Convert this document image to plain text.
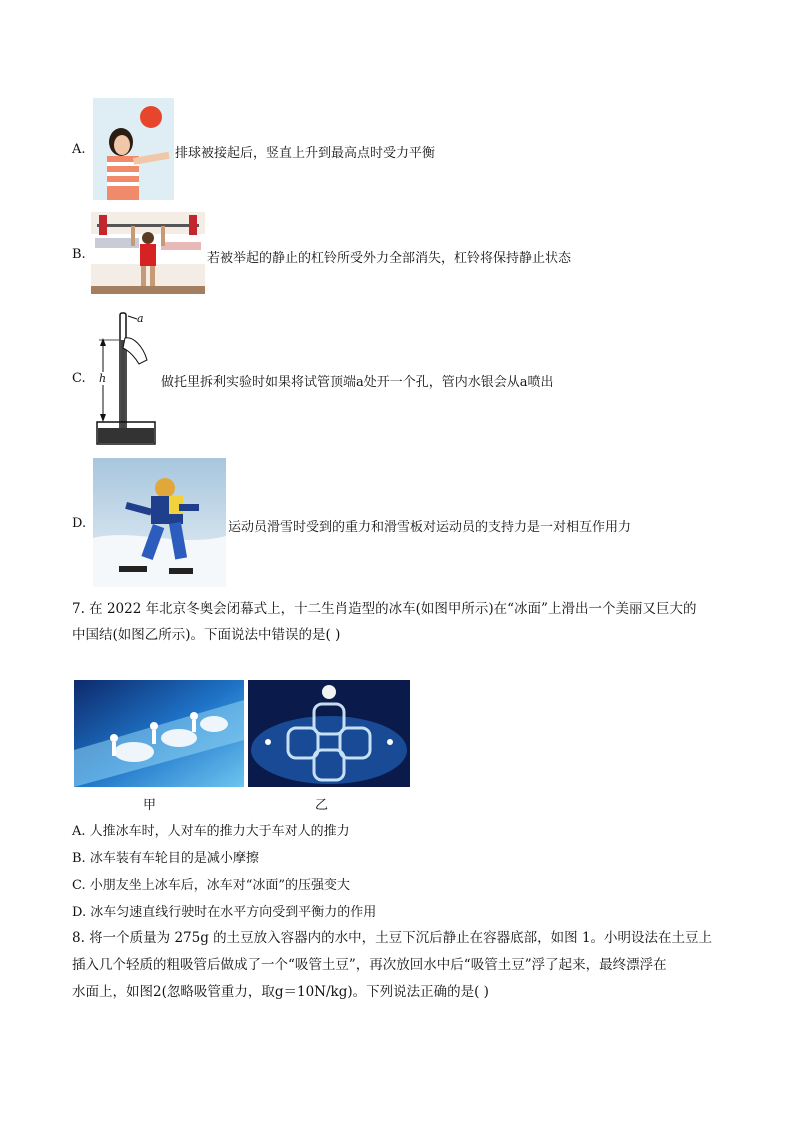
A.	排球被接起后，竖直上升到最高点时受力平衡
B.	若被举起的静止的杠铃所受外力全部消失，杠铃将保持静止状态
C.
a
h	做托里拆利实验时如果将试管顶端a处开一个孔，管内水银会从a喷出
D.	运动员滑雪时受到的重力和滑雪板对运动员的支持力是一对相互作用力
7. 在 2022 年北京冬奥会闭幕式上，十二生肖造型的冰车(如图甲所示)在“冰面”上滑出一个美丽又巨大的
中国结(如图乙所示)。下面说法中错误的是( )
甲	乙
A. 人推冰车时，人对车的推力大于车对人的推力
B. 冰车装有车轮目的是减小摩擦
C. 小朋友坐上冰车后，冰车对“冰面”的压强变大
D. 冰车匀速直线行驶时在水平方向受到平衡力的作用
8. 将一个质量为 275g 的土豆放入容器内的水中，土豆下沉后静止在容器底部，如图 1。小明设法在土豆上
插入几个轻质的粗吸管后做成了一个“吸管土豆”，再次放回水中后“吸管土豆”浮了起来，最终漂浮在
水面上，如图2(忽略吸管重力，取g＝10N/kg)。下列说法正确的是( )
